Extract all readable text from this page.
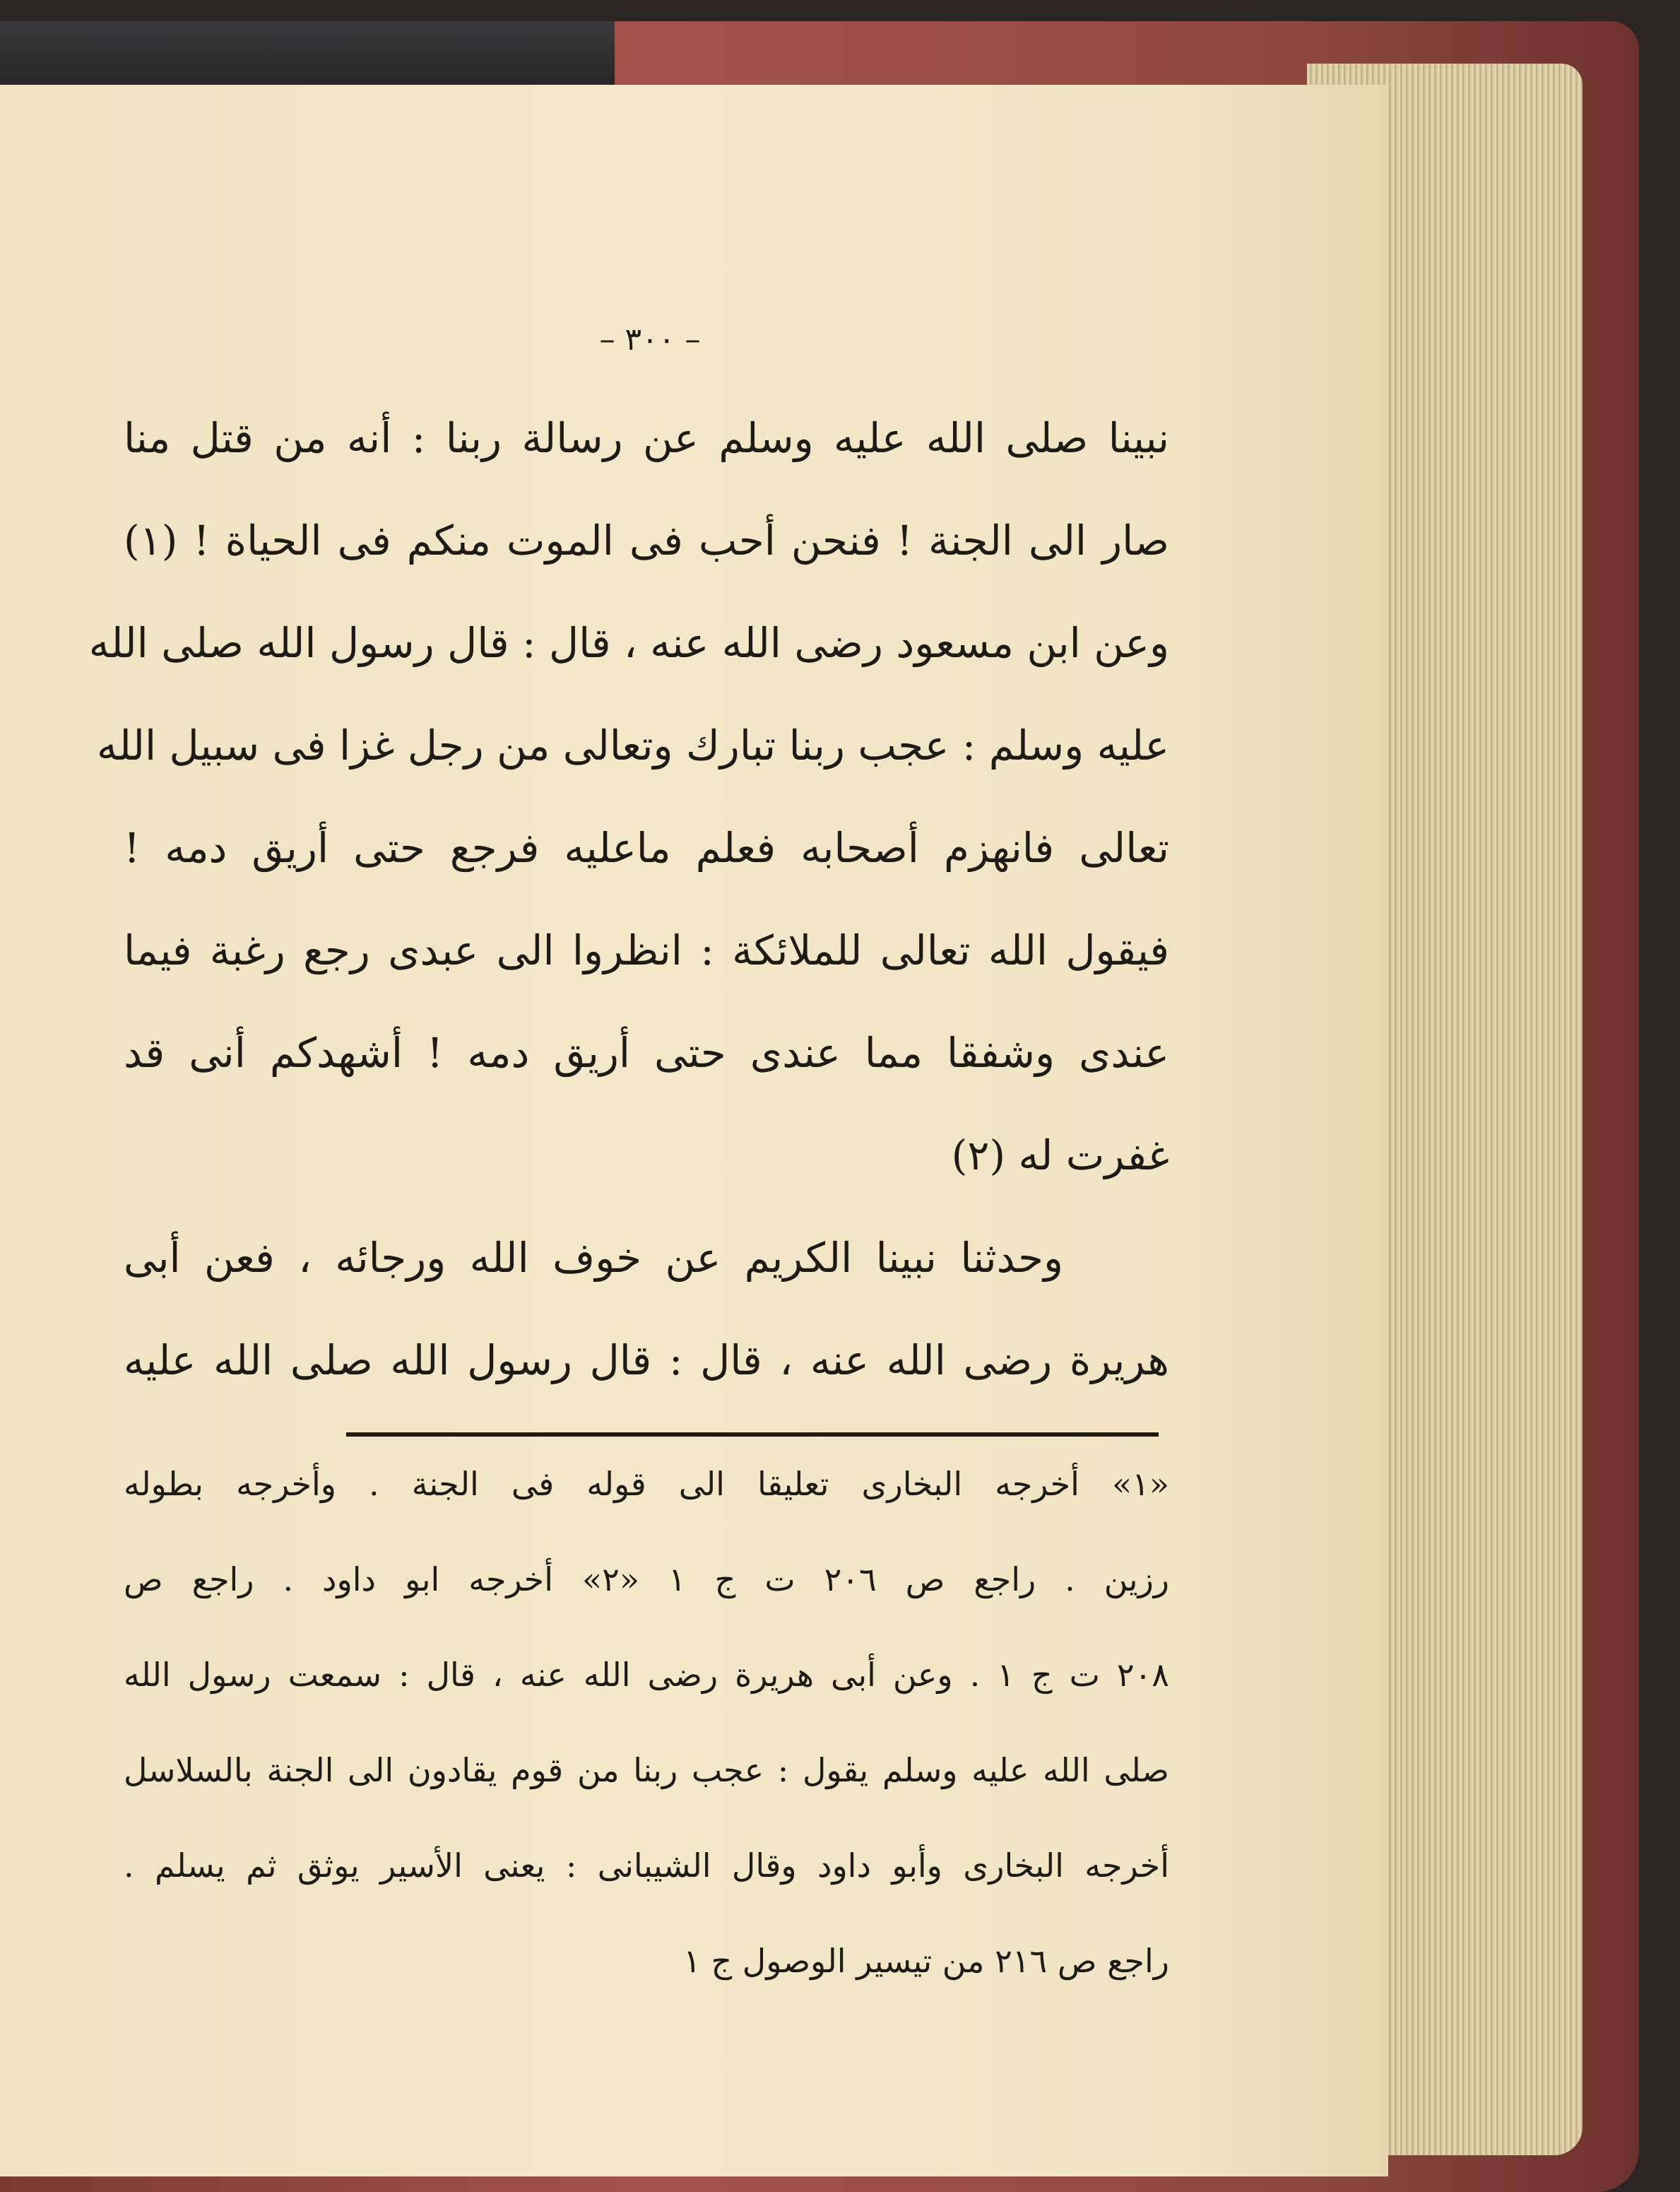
– ٣٠٠ –
نبينا صلى الله عليه وسلم عن رسالة ربنا : أنه من قتل منا
صار الى الجنة ! فنحن أحب فى الموت منكم فى الحياة ! (١)
وعن ابن مسعود رضى الله عنه ، قال : قال رسول الله صلى الله
عليه وسلم : عجب ربنا تبارك وتعالى من رجل غزا فى سبيل الله
تعالى فانهزم أصحابه فعلم ماعليه فرجع حتى أريق دمه !
فيقول الله تعالى للملائكة : انظروا الى عبدى رجع رغبة فيما
عندى وشفقا مما عندى حتى أريق دمه ! أشهدكم أنى قد
غفرت له (٢)
وحدثنا نبينا الكريم عن خوف الله ورجائه ، فعن أبى
هريرة رضى الله عنه ، قال : قال رسول الله صلى الله عليه
«١» أخرجه البخارى تعليقا الى قوله فى الجنة . وأخرجه بطوله
رزين . راجع ص ٢٠٦ ت ج ١ «٢» أخرجه ابو داود . راجع ص
٢٠٨ ت ج ١ . وعن أبى هريرة رضى الله عنه ، قال : سمعت رسول الله
صلى الله عليه وسلم يقول : عجب ربنا من قوم يقادون الى الجنة بالسلاسل
أخرجه البخارى وأبو داود وقال الشيبانى : يعنى الأسير يوثق ثم يسلم .
راجع ص ٢١٦ من تيسير الوصول ج ١
